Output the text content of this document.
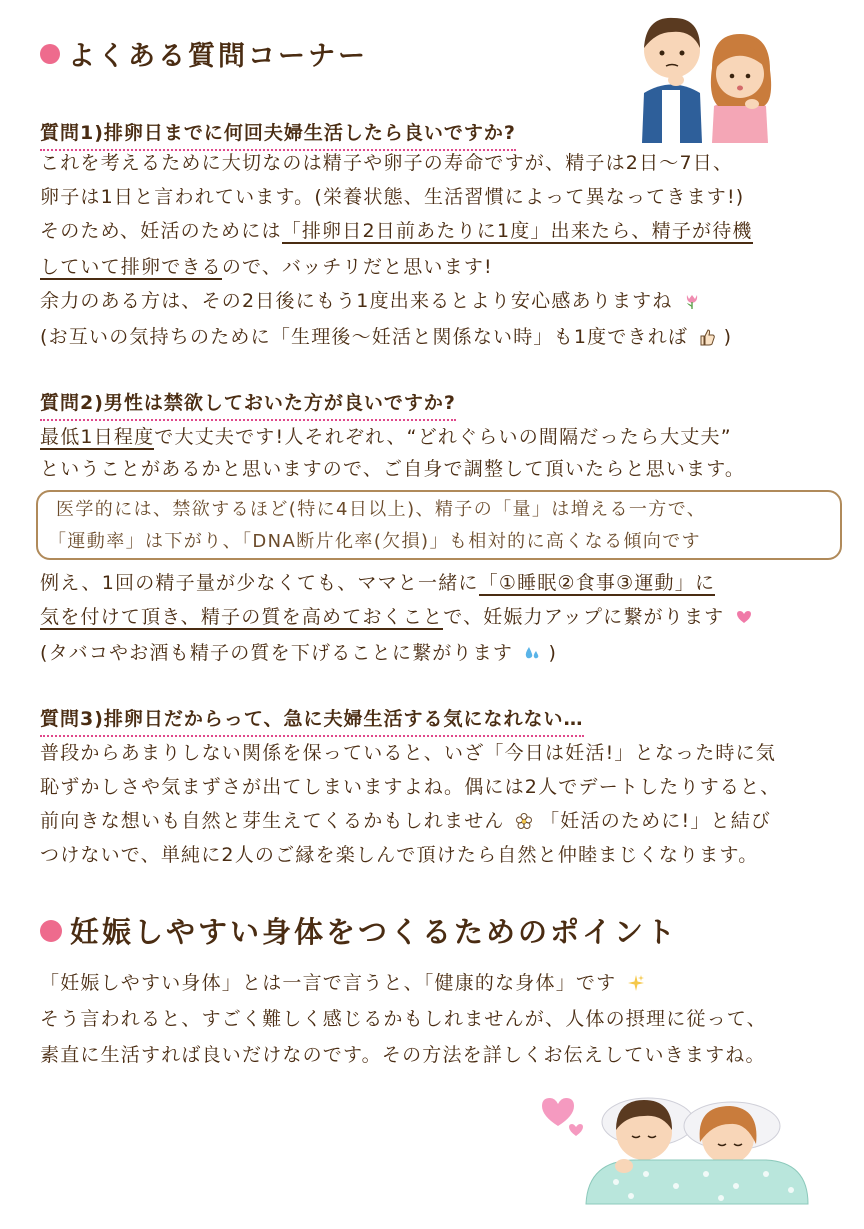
よくある質問コーナー
質問1)排卵日までに何回夫婦生活したら良いですか?
これを考えるために大切なのは精子や卵子の寿命ですが、精子は2日〜7日、
卵子は1日と言われています。(栄養状態、生活習慣によって異なってきます!)
そのため、妊活のためには「排卵日2日前あたりに1度」出来たら、精子が待機
していて排卵できるので、バッチリだと思います!
余力のある方は、その2日後にもう1度出来るとより安心感ありますね
(お互いの気持ちのために「生理後〜妊活と関係ない時」も1度できれば )
質問2)男性は禁欲しておいた方が良いですか?
最低1日程度で大丈夫です!人それぞれ、“どれぐらいの間隔だったら大丈夫”
ということがあるかと思いますので、ご自身で調整して頂いたらと思います。
医学的には、禁欲するほど(特に4日以上)、精子の「量」は増える一方で、
「運動率」は下がり、「DNA断片化率(欠損)」も相対的に高くなる傾向です
例え、1回の精子量が少なくても、ママと一緒に「①睡眠②食事③運動」に
気を付けて頂き、精子の質を高めておくことで、妊娠力アップに繋がります
(タバコやお酒も精子の質を下げることに繋がります )
質問3)排卵日だからって、急に夫婦生活する気になれない…
普段からあまりしない関係を保っていると、いざ「今日は妊活!」となった時に気
恥ずかしさや気まずさが出てしまいますよね。偶には2人でデートしたりすると、
前向きな想いも自然と芽生えてくるかもしれません 「妊活のために!」と結び
つけないで、単純に2人のご縁を楽しんで頂けたら自然と仲睦まじくなります。
妊娠しやすい身体をつくるためのポイント
「妊娠しやすい身体」とは一言で言うと、「健康的な身体」です
そう言われると、すごく難しく感じるかもしれませんが、人体の摂理に従って、
素直に生活すれば良いだけなのです。その方法を詳しくお伝えしていきますね。
